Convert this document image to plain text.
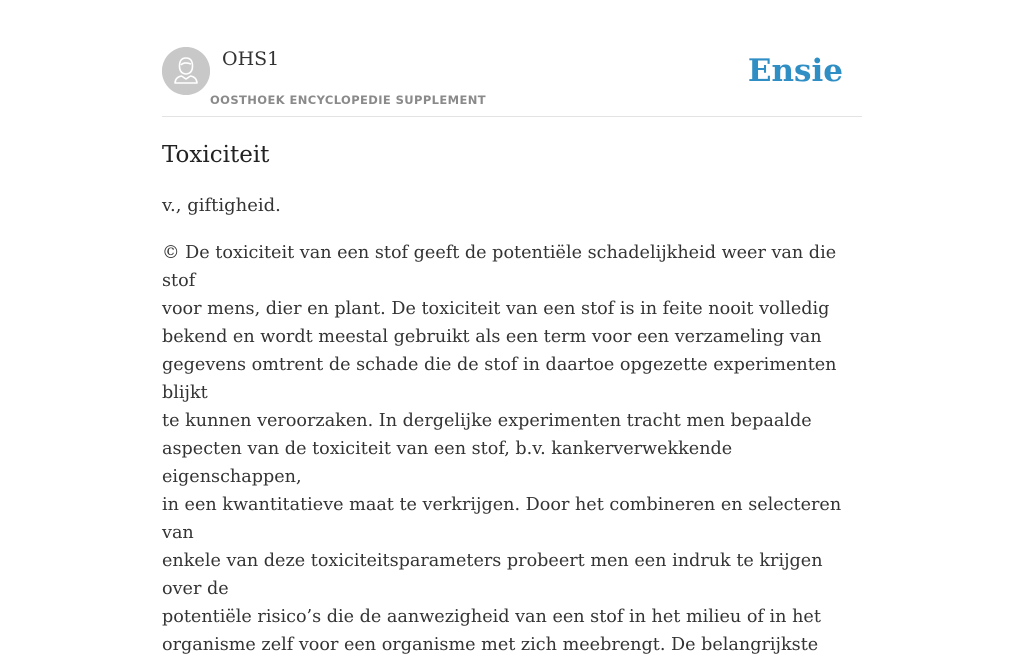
OHS1
OOSTHOEK ENCYCLOPEDIE SUPPLEMENT
Ensie
Toxiciteit

v., giftigheid.

© De toxiciteit van een stof geeft de potentiële schadelijkheid weer van die stof
voor mens, dier en plant. De toxiciteit van een stof is in feite nooit volledig
bekend en wordt meestal gebruikt als een term voor een verzameling van
gegevens omtrent de schade die de stof in daartoe opgezette experimenten blijkt
te kunnen veroorzaken. In dergelijke experimenten tracht men bepaalde
aspecten van de toxiciteit van een stof, b.v. kankerverwekkende eigenschappen,
in een kwantitatieve maat te verkrijgen. Door het combineren en selecteren van
enkele van deze toxiciteitsparameters probeert men een indruk te krijgen over de
potentiële risico’s die de aanwezigheid van een stof in het milieu of in het
organisme zelf voor een organisme met zich meebrengt. De belangrijkste
